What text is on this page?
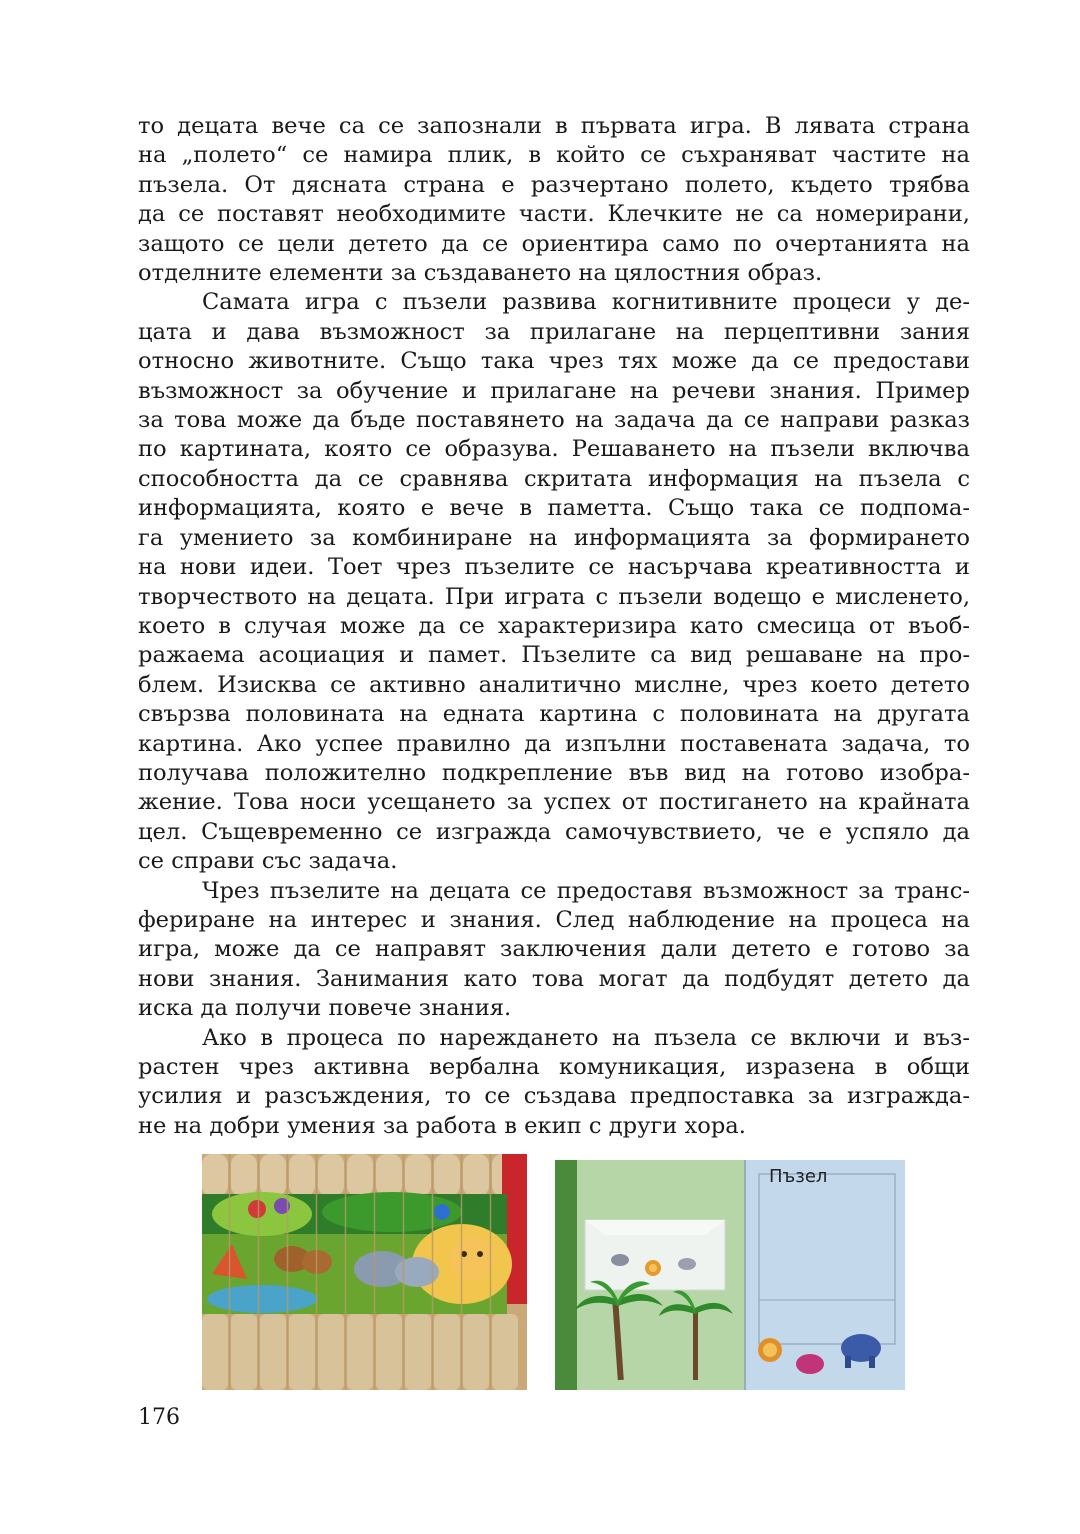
то децата вече са се запознали в първата игра. В лявата страна
на „полето“ се намира плик, в който се съхраняват частите на
пъзела. От дясната страна е разчертано полето, където трябва
да се поставят необходимите части. Клечките не са номерирани,
защото се цели детето да се ориентира само по очертанията на
отделните елементи за създаването на цялостния образ.
Самата игра с пъзели развива когнитивните процеси у де-
цата и дава възможност за прилагане на перцептивни зания
относно животните. Също така чрез тях може да се предостави
възможност за обучение и прилагане на речеви знания. Пример
за това може да бъде поставянето на задача да се направи разказ
по картината, която се образува. Решаването на пъзели включва
способността да се сравнява скритата информация на пъзела с
информацията, която е вече в паметта. Също така се подпома-
га умението за комбиниране на информацията за формирането
на нови идеи. Тоет чрез пъзелите се насърчава креативността и
творчеството на децата. При играта с пъзели водещо е мисленето,
което в случая може да се характеризира като смесица от въоб-
ражаема асоциация и памет. Пъзелите са вид решаване на про-
блем. Изисква се активно аналитично мислне, чрез което детето
свързва половината на едната картина с половината на другата
картина. Ако успее правилно да изпълни поставената задача, то
получава положително подкрепление във вид на готово изобра-
жение. Това носи усещането за успех от постигането на крайната
цел. Същевременно се изгражда самочувствието, че е успяло да
се справи със задача.
Чрез пъзелите на децата се предоставя възможност за транс-
фериране на интерес и знания. След наблюдение на процеса на
игра, може да се направят заключения дали детето е готово за
нови знания. Занимания като това могат да подбудят детето да
иска да получи повече знания.
Ако в процеса по нареждането на пъзела се включи и въз-
растен чрез активна вербална комуникация, изразена в общи
усилия и разсъждения, то се създава предпоставка за изгражда-
не на добри умения за работа в екип с други хора.
Пъзел
176
